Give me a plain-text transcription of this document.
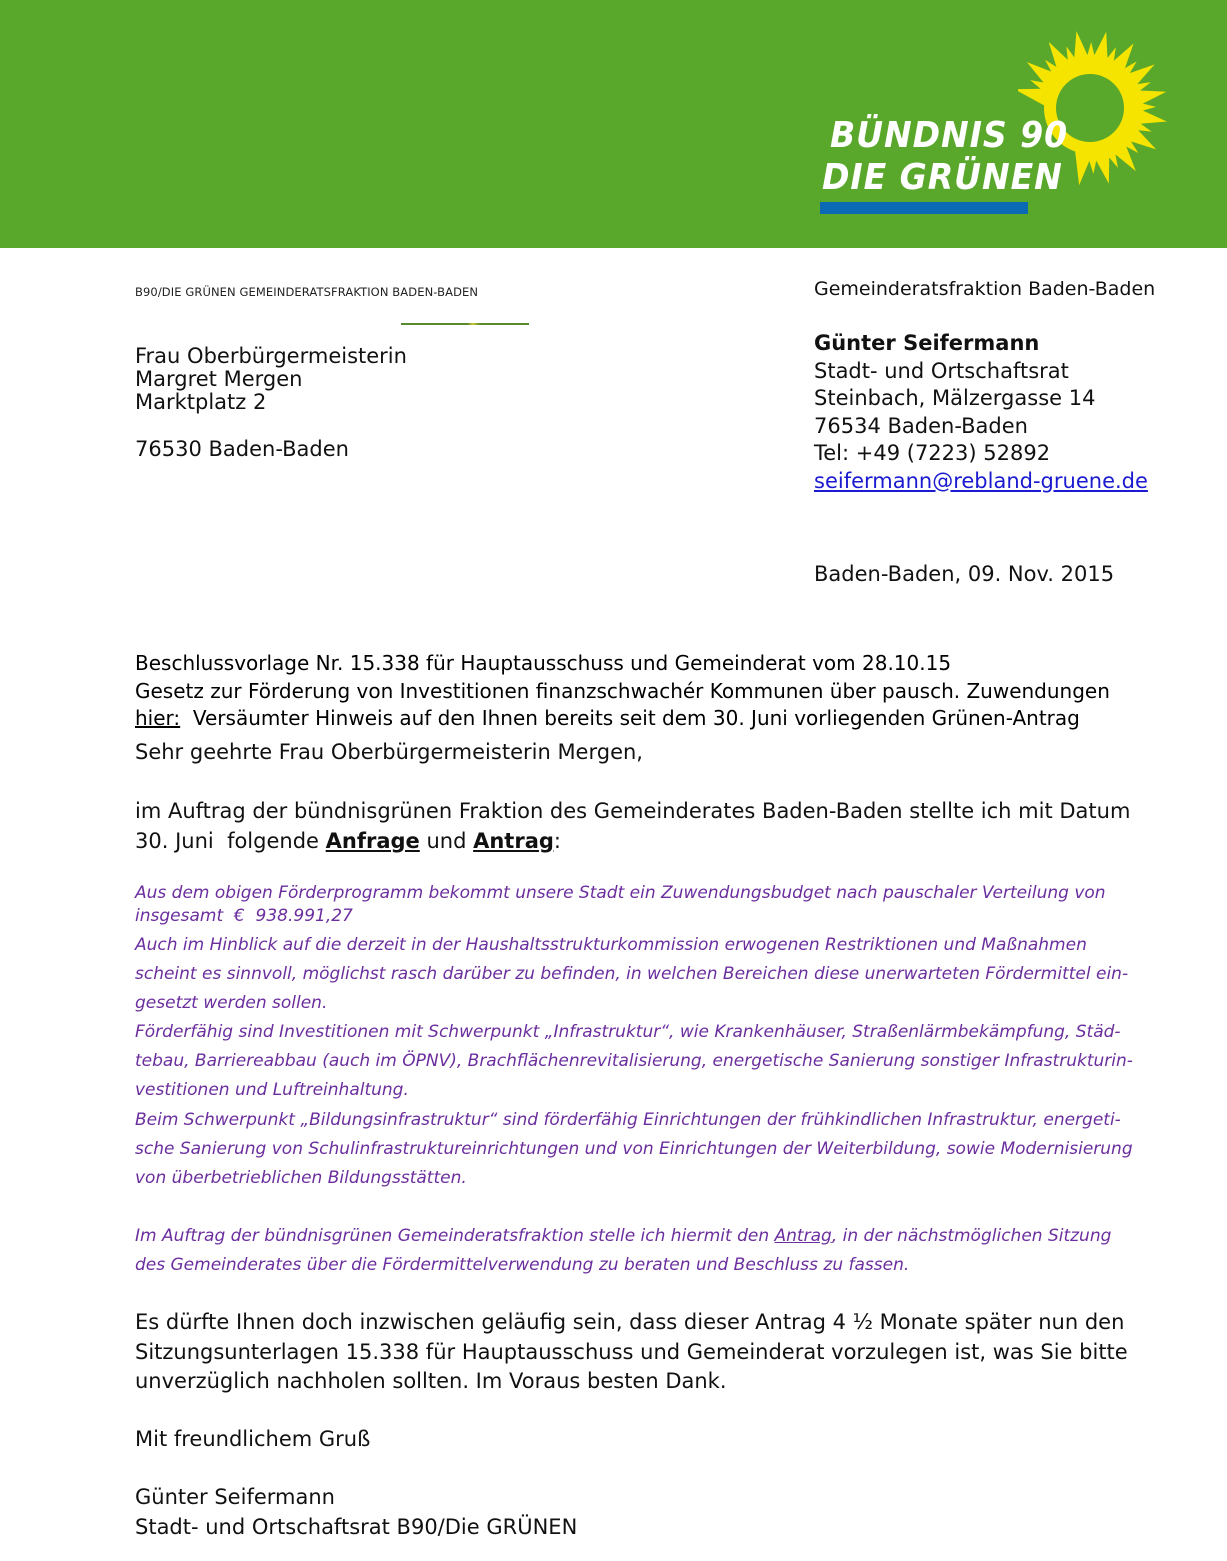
BÜNDNIS 90
DIE GRÜNEN
B90/DIE GRÜNEN GEMEINDERATSFRAKTION BADEN-BADEN
Frau Oberbürgermeisterin
Margret Mergen
Marktplatz 2
76530 Baden-Baden
Gemeinderatsfraktion Baden-Baden
Günter Seifermann
Stadt- und Ortschaftsrat
Steinbach, Mälzergasse 14
76534 Baden-Baden
Tel: +49 (7223) 52892
seifermann@rebland-gruene.de
Baden-Baden, 09. Nov. 2015
Beschlussvorlage Nr. 15.338 für Hauptausschuss und Gemeinderat vom 28.10.15
Gesetz zur Förderung von Investitionen finanzschwachér Kommunen über pausch. Zuwendungen
hier:  Versäumter Hinweis auf den Ihnen bereits seit dem 30. Juni vorliegenden Grünen-Antrag
Sehr geehrte Frau Oberbürgermeisterin Mergen,
im Auftrag der bündnisgrünen Fraktion des Gemeinderates Baden-Baden stellte ich mit Datum
30. Juni  folgende Anfrage und Antrag:
Aus dem obigen Förderprogramm bekommt unsere Stadt ein Zuwendungsbudget nach pauschaler Verteilung von
insgesamt  €  938.991,27
Auch im Hinblick auf die derzeit in der Haushaltsstrukturkommission erwogenen Restriktionen und Maßnahmen
scheint es sinnvoll, möglichst rasch darüber zu befinden, in welchen Bereichen diese unerwarteten Fördermittel ein-
gesetzt werden sollen.
Förderfähig sind Investitionen mit Schwerpunkt „Infrastruktur“, wie Krankenhäuser, Straßenlärmbekämpfung, Städ-
tebau, Barriereabbau (auch im ÖPNV), Brachflächenrevitalisierung, energetische Sanierung sonstiger Infrastrukturin-
vestitionen und Luftreinhaltung.
Beim Schwerpunkt „Bildungsinfrastruktur“ sind förderfähig Einrichtungen der frühkindlichen Infrastruktur, energeti-
sche Sanierung von Schulinfrastruktureinrichtungen und von Einrichtungen der Weiterbildung, sowie Modernisierung
von überbetrieblichen Bildungsstätten.
Im Auftrag der bündnisgrünen Gemeinderatsfraktion stelle ich hiermit den Antrag, in der nächstmöglichen Sitzung
des Gemeinderates über die Fördermittelverwendung zu beraten und Beschluss zu fassen.
Es dürfte Ihnen doch inzwischen geläufig sein, dass dieser Antrag 4 ½ Monate später nun den
Sitzungsunterlagen 15.338 für Hauptausschuss und Gemeinderat vorzulegen ist, was Sie bitte
unverzüglich nachholen sollten. Im Voraus besten Dank.
Mit freundlichem Gruß
Günter Seifermann
Stadt- und Ortschaftsrat B90/Die GRÜNEN
